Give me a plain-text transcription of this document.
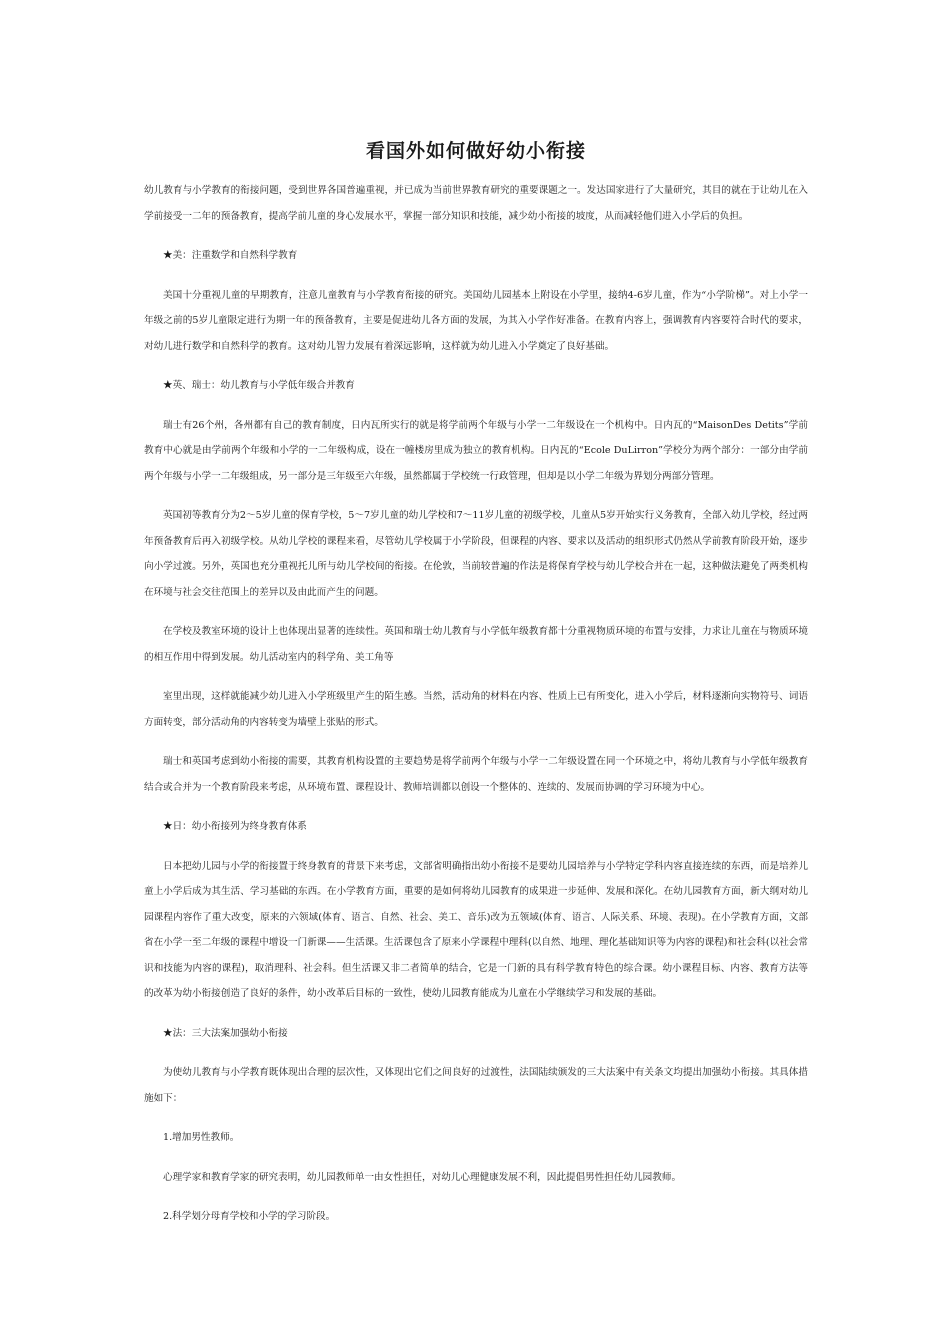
看国外如何做好幼小衔接

幼儿教育与小学教育的衔接问题，受到世界各国普遍重视，并已成为当前世界教育研究的重要课题之一。发达国家进行了大量研究，其目的就在于让幼儿在入学前接受一二年的预备教育，提高学前儿童的身心发展水平，掌握一部分知识和技能，减少幼小衔接的坡度，从而减轻他们进入小学后的负担。

★美：注重数学和自然科学教育

美国十分重视儿童的早期教育，注意儿童教育与小学教育衔接的研究。美国幼儿园基本上附设在小学里，接纳4-6岁儿童，作为“小学阶梯”。对上小学一年级之前的5岁儿童限定进行为期一年的预备教育，主要是促进幼儿各方面的发展，为其入小学作好准备。在教育内容上，强调教育内容要符合时代的要求，对幼儿进行数学和自然科学的教育。这对幼儿智力发展有着深远影响，这样就为幼儿进入小学奠定了良好基础。

★英、瑞士：幼儿教育与小学低年级合并教育

瑞士有26个州，各州都有自己的教育制度，日内瓦所实行的就是将学前两个年级与小学一二年级设在一个机构中。日内瓦的“MaisonDes Detits”学前教育中心就是由学前两个年级和小学的一二年级构成，设在一幢楼房里成为独立的教育机构。日内瓦的“Ecole DuLirron”学校分为两个部分：一部分由学前两个年级与小学一二年级组成，另一部分是三年级至六年级，虽然都属于学校统一行政管理，但却是以小学二年级为界划分两部分管理。

英国初等教育分为2～5岁儿童的保育学校，5～7岁儿童的幼儿学校和7～11岁儿童的初级学校，儿童从5岁开始实行义务教育，全部入幼儿学校，经过两年预备教育后再入初级学校。从幼儿学校的课程来看，尽管幼儿学校属于小学阶段，但课程的内容、要求以及活动的组织形式仍然从学前教育阶段开始，逐步向小学过渡。另外，英国也充分重视托儿所与幼儿学校间的衔接。在伦敦，当前较普遍的作法是将保育学校与幼儿学校合并在一起，这种做法避免了两类机构在环境与社会交往范围上的差异以及由此而产生的问题。

在学校及教室环境的设计上也体现出显著的连续性。英国和瑞士幼儿教育与小学低年级教育都十分重视物质环境的布置与安排，力求让儿童在与物质环境的相互作用中得到发展。幼儿活动室内的科学角、美工角等

室里出现，这样就能减少幼儿进入小学班级里产生的陌生感。当然，活动角的材料在内容、性质上已有所变化，进入小学后，材料逐渐向实物符号、词语方面转变，部分活动角的内容转变为墙壁上张贴的形式。

瑞士和英国考虑到幼小衔接的需要，其教育机构设置的主要趋势是将学前两个年级与小学一二年级设置在同一个环境之中，将幼儿教育与小学低年级教育结合或合并为一个教育阶段来考虑，从环境布置、课程设计、教师培训都以创设一个整体的、连续的、发展而协调的学习环境为中心。

★日：幼小衔接列为终身教育体系

日本把幼儿园与小学的衔接置于终身教育的背景下来考虑，文部省明确指出幼小衔接不是要幼儿园培养与小学特定学科内容直接连续的东西，而是培养儿童上小学后成为其生活、学习基础的东西。在小学教育方面，重要的是如何将幼儿园教育的成果进一步延伸、发展和深化。在幼儿园教育方面，新大纲对幼儿园课程内容作了重大改变，原来的六领域(体育、语言、自然、社会、美工、音乐)改为五领域(体育、语言、人际关系、环境、表现)。在小学教育方面，文部省在小学一至二年级的课程中增设一门新课——生活课。生活课包含了原来小学课程中理科(以自然、地理、理化基础知识等为内容的课程)和社会科(以社会常识和技能为内容的课程)，取消理科、社会科。但生活课又非二者简单的结合，它是一门新的具有科学教育特色的综合课。幼小课程目标、内容、教育方法等的改革为幼小衔接创造了良好的条件，幼小改革后目标的一致性，使幼儿园教育能成为儿童在小学继续学习和发展的基础。

★法：三大法案加强幼小衔接

为使幼儿教育与小学教育既体现出合理的层次性，又体现出它们之间良好的过渡性，法国陆续颁发的三大法案中有关条文均提出加强幼小衔接。其具体措施如下：

1.增加男性教师。

心理学家和教育学家的研究表明，幼儿园教师单一由女性担任，对幼儿心理健康发展不利，因此提倡男性担任幼儿园教师。

2.科学划分母育学校和小学的学习阶段。
